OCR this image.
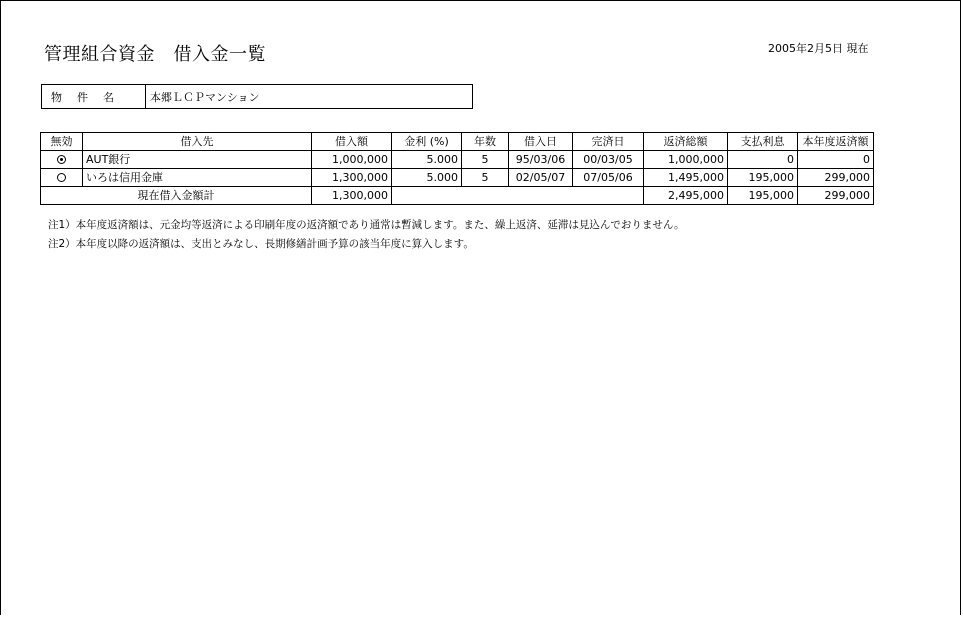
管理組合資金　借入金一覧	2005年2月5日 現在
物　件　名	本郷ＬＣＰマンション
無効	借入先	借入額	金利 (%)	年数	借入日	完済日	返済総額	支払利息	本年度返済額
	AUT銀行	1,000,000	5.000	5	95/03/06	00/03/05	1,000,000	0	0
	いろは信用金庫	1,300,000	5.000	5	02/05/07	07/05/06	1,495,000	195,000	299,000
現在借入金額計		1,300,000					2,495,000	195,000	299,000
注1）本年度返済額は、元金均等返済による印刷年度の返済額であり通常は暫減します。また、繰上返済、延滞は見込んでおりません。
注2）本年度以降の返済額は、支出とみなし、長期修繕計画予算の該当年度に算入します。
